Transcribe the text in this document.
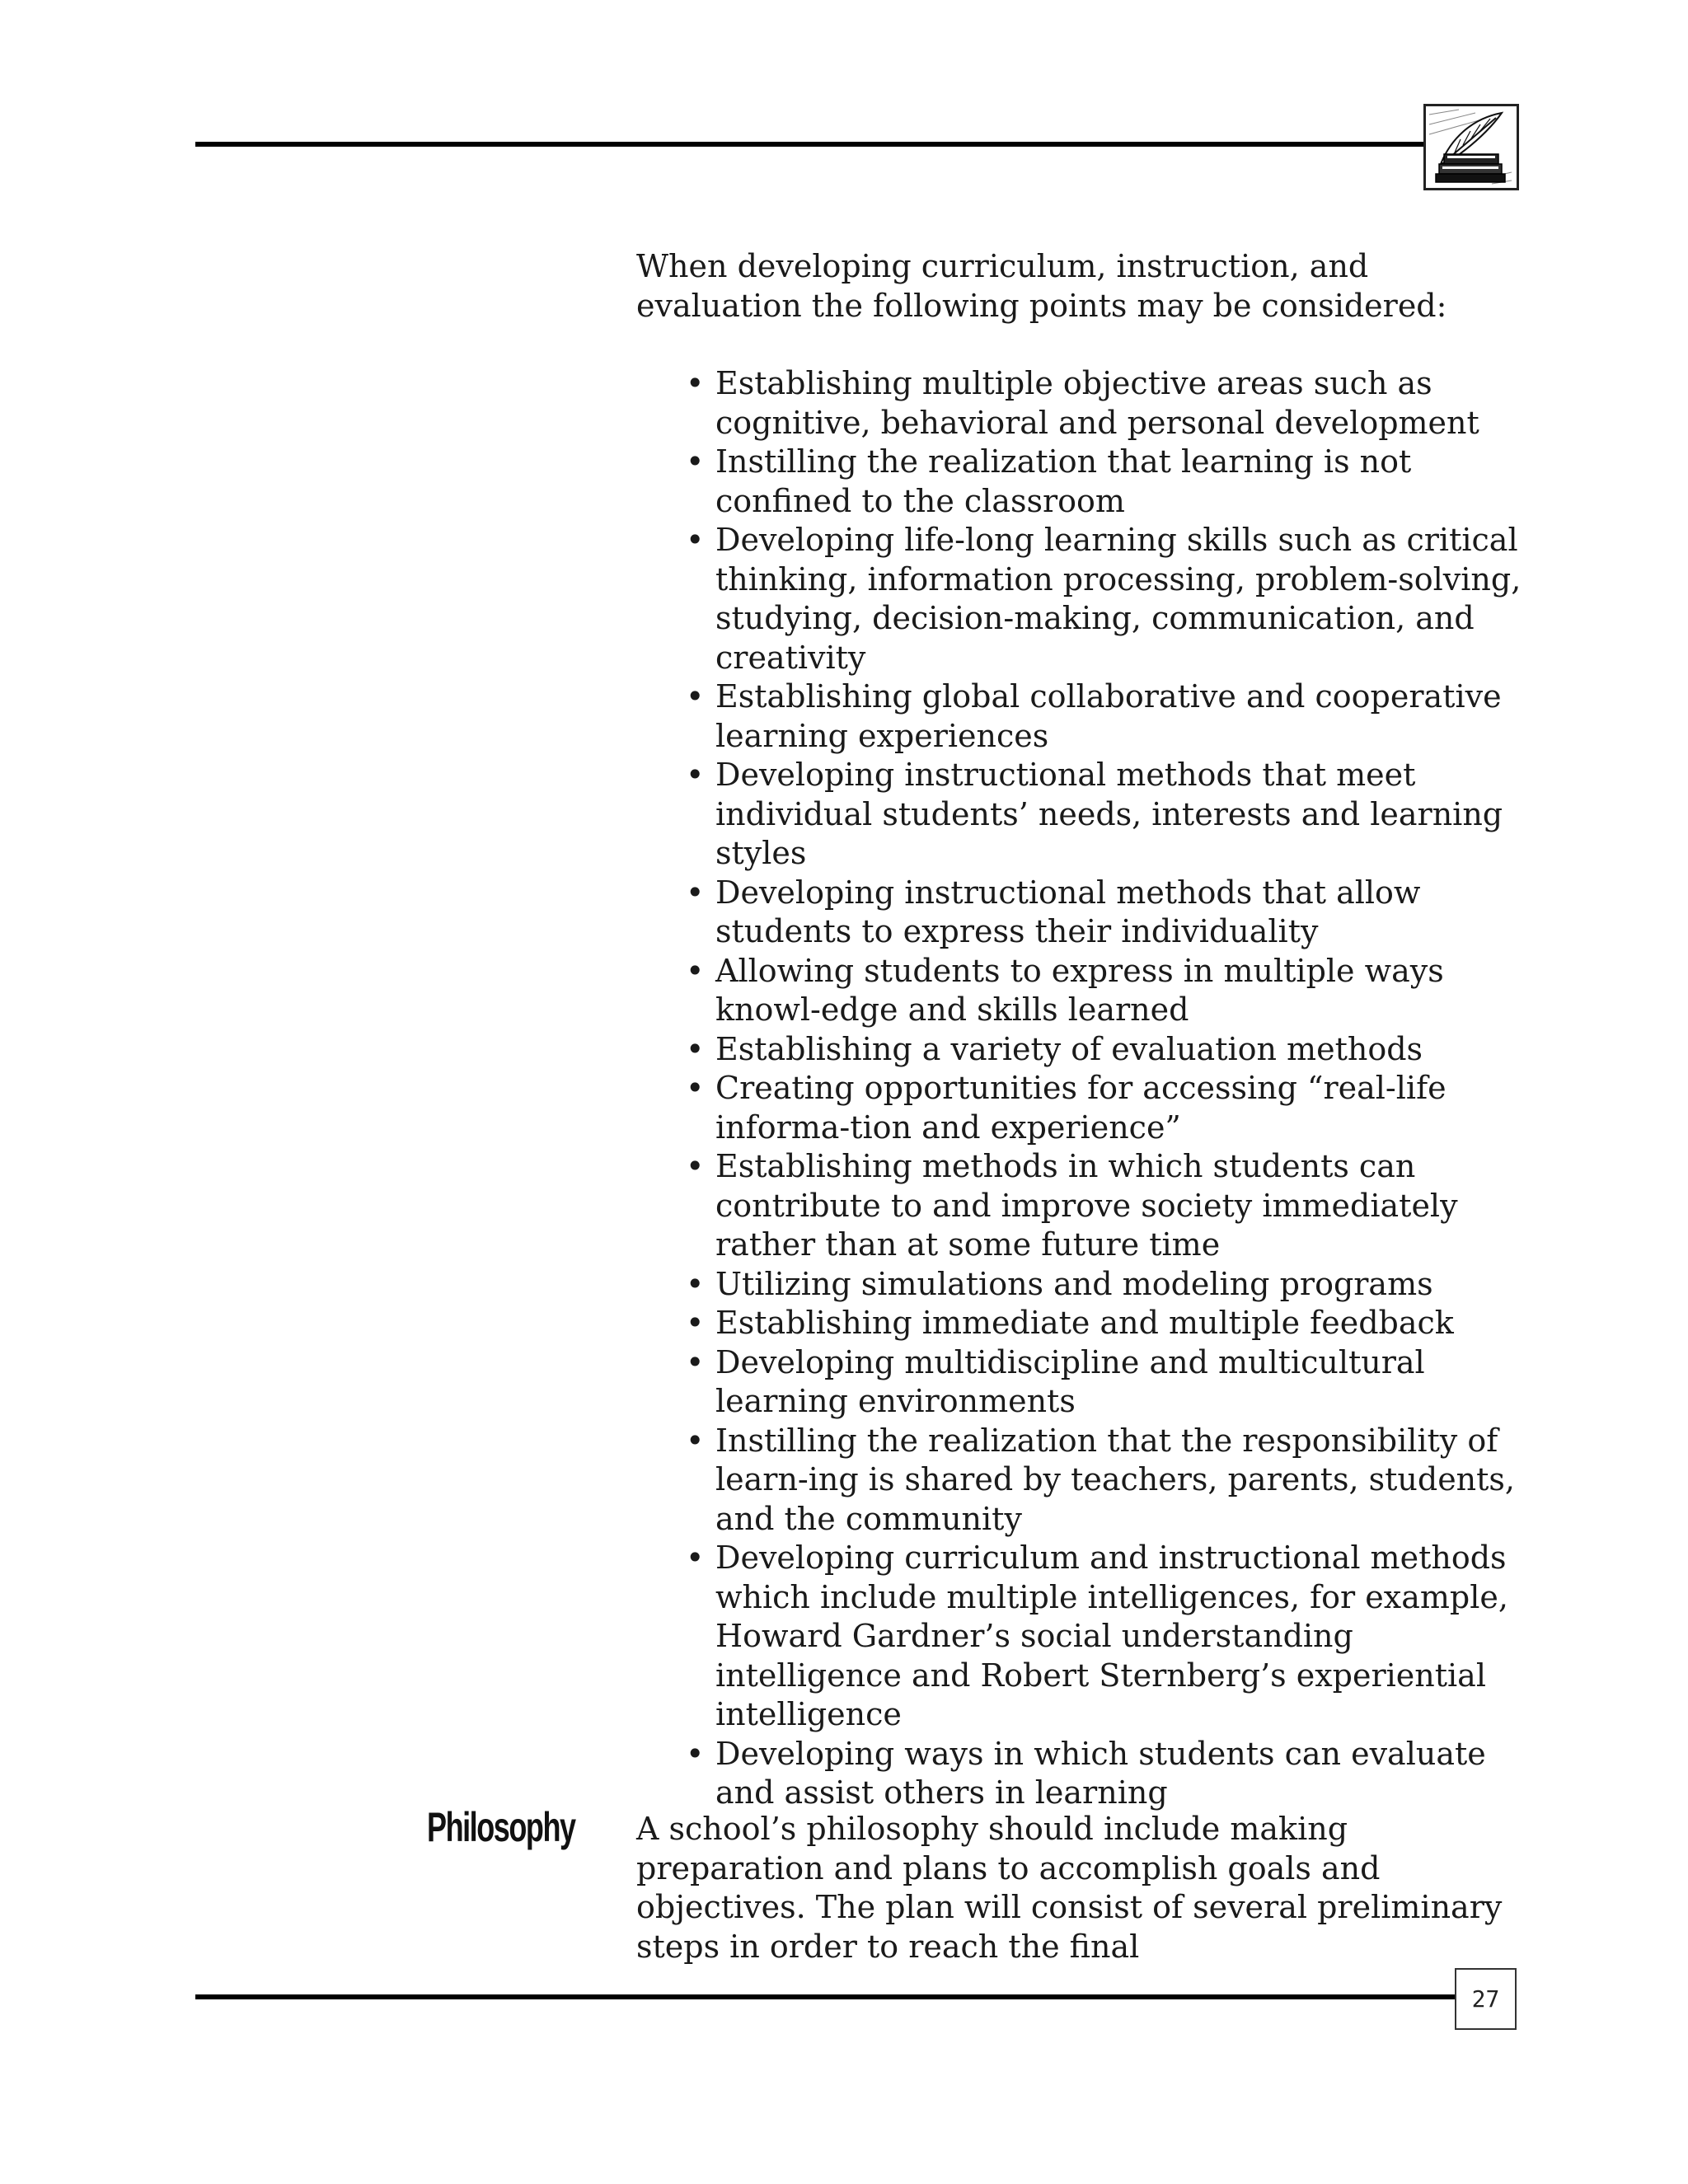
When developing curriculum, instruction, and evaluation the following points may be considered:

• Establishing multiple objective areas such as cognitive, behavioral and personal development
• Instilling the realization that learning is not confined to the classroom
• Developing life-long learning skills such as critical thinking, information processing, problem-solving, studying, decision-making, communication, and creativity
• Establishing global collaborative and cooperative learning experiences
• Developing instructional methods that meet individual students’ needs, interests and learning styles
• Developing instructional methods that allow students to express their individuality
• Allowing students to express in multiple ways knowl-edge and skills learned
• Establishing a variety of evaluation methods
• Creating opportunities for accessing “real-life informa-tion and experience”
• Establishing methods in which students can contribute to and improve society immediately rather than at some future time
• Utilizing simulations and modeling programs
• Establishing immediate and multiple feedback
• Developing multidiscipline and multicultural learning environments
• Instilling the realization that the responsibility of learn-ing is shared by teachers, parents, students, and the community
• Developing curriculum and instructional methods which include multiple intelligences, for example, Howard Gardner’s social understanding intelligence and Robert Sternberg’s experiential intelligence
• Developing ways in which students can evaluate and assist others in learning
Philosophy A school’s philosophy should include making preparation and plans to accomplish goals and objectives. The plan will consist of several preliminary steps in order to reach the final

27
